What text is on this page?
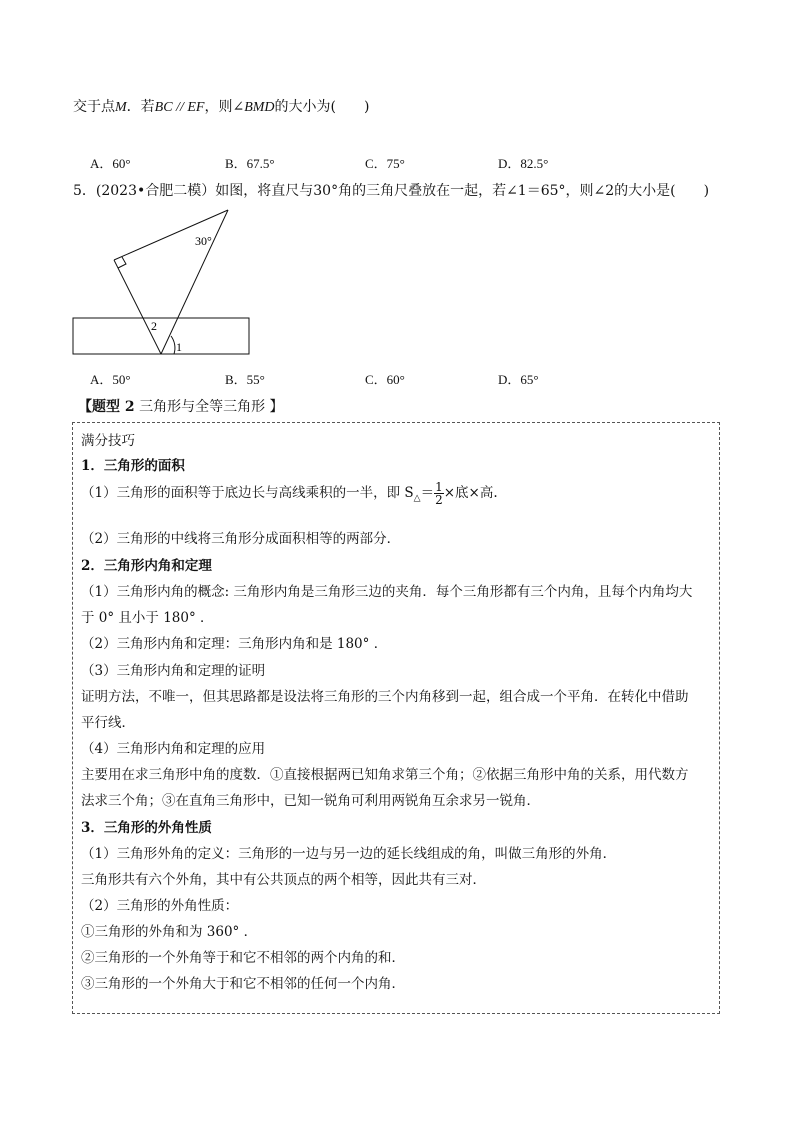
交于点M．若BC // EF，则∠BMD的大小为(　　)
A．60°	B．67.5°	C．75°	D．82.5°
5．(2023•合肥二模）如图，将直尺与30°角的三角尺叠放在一起，若∠1＝65°，则∠2的大小是(　　)
30°
2
1
A．50°	B．55°	C．60°	D．65°
【题型 2 三角形与全等三角形 】
满分技巧
1．三角形的面积
（1）三角形的面积等于底边长与高线乘积的一半，即 $S_\triangle= \frac{1}{2}$ ×底×高.
（2）三角形的中线将三角形分成面积相等的两部分．
2．三角形内角和定理
（1）三角形内角的概念: 三角形内角是三角形三边的夹角．每个三角形都有三个内角，且每个内角均大
于 0° 且小于 180° ．
（2）三角形内角和定理：三角形内角和是 180° ．
（3）三角形内角和定理的证明
证明方法，不唯一，但其思路都是设法将三角形的三个内角移到一起，组合成一个平角．在转化中借助
平行线．
（4）三角形内角和定理的应用
主要用在求三角形中角的度数．①直接根据两已知角求第三个角；②依据三角形中角的关系，用代数方
法求三个角；③在直角三角形中，已知一锐角可利用两锐角互余求另一锐角．
3．三角形的外角性质
（1）三角形外角的定义：三角形的一边与另一边的延长线组成的角，叫做三角形的外角．
三角形共有六个外角，其中有公共顶点的两个相等，因此共有三对．
（2）三角形的外角性质：
①三角形的外角和为 360° ．
②三角形的一个外角等于和它不相邻的两个内角的和．
③三角形的一个外角大于和它不相邻的任何一个内角．
